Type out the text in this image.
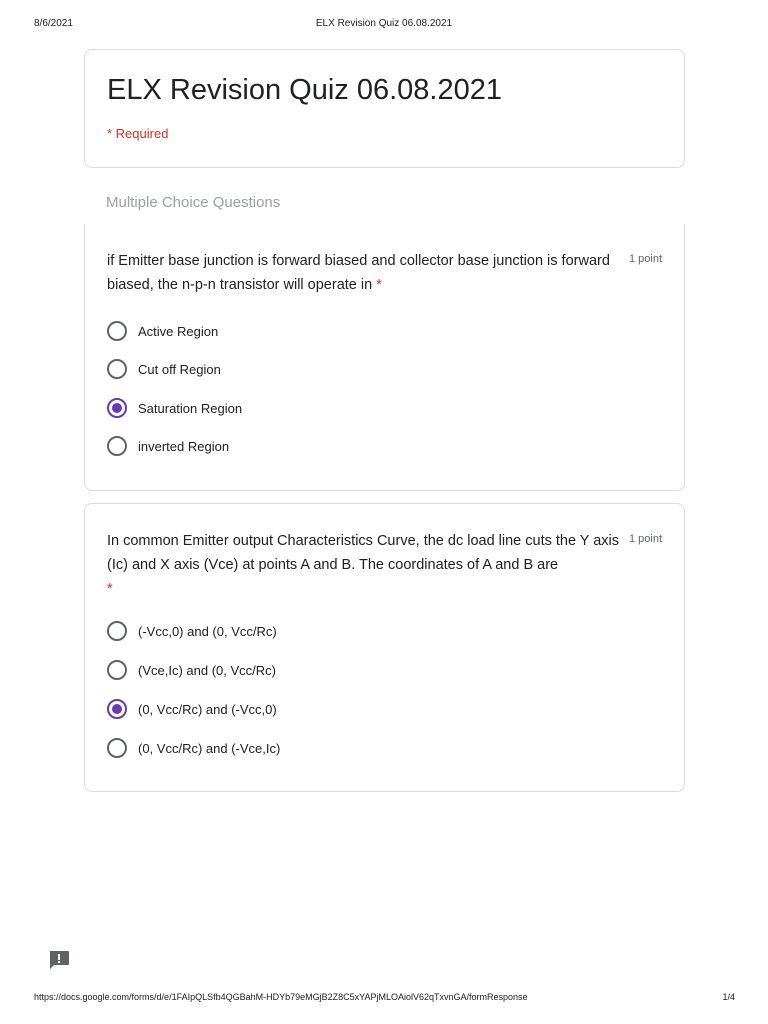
8/6/2021	ELX Revision Quiz 06.08.2021
ELX Revision Quiz 06.08.2021
* Required
Multiple Choice Questions
if Emitter base junction is forward biased and collector base junction is forward biased, the n-p-n transistor will operate in *
1 point
Active Region
Cut off Region
Saturation Region
inverted Region
In common Emitter output Characteristics Curve, the dc load line cuts the Y axis (Ic) and X axis (Vce) at points A and B. The coordinates of A and B are
*
1 point
(-Vcc,0) and (0, Vcc/Rc)
(Vce,Ic) and (0, Vcc/Rc)
(0, Vcc/Rc) and (-Vcc,0)
(0, Vcc/Rc) and (-Vce,Ic)
https://docs.google.com/forms/d/e/1FAIpQLSfb4QGBahM-HDYb79eMGjB2Z8C5xYAPjMLOAiolV62qTxvnGA/formResponse	1/4
